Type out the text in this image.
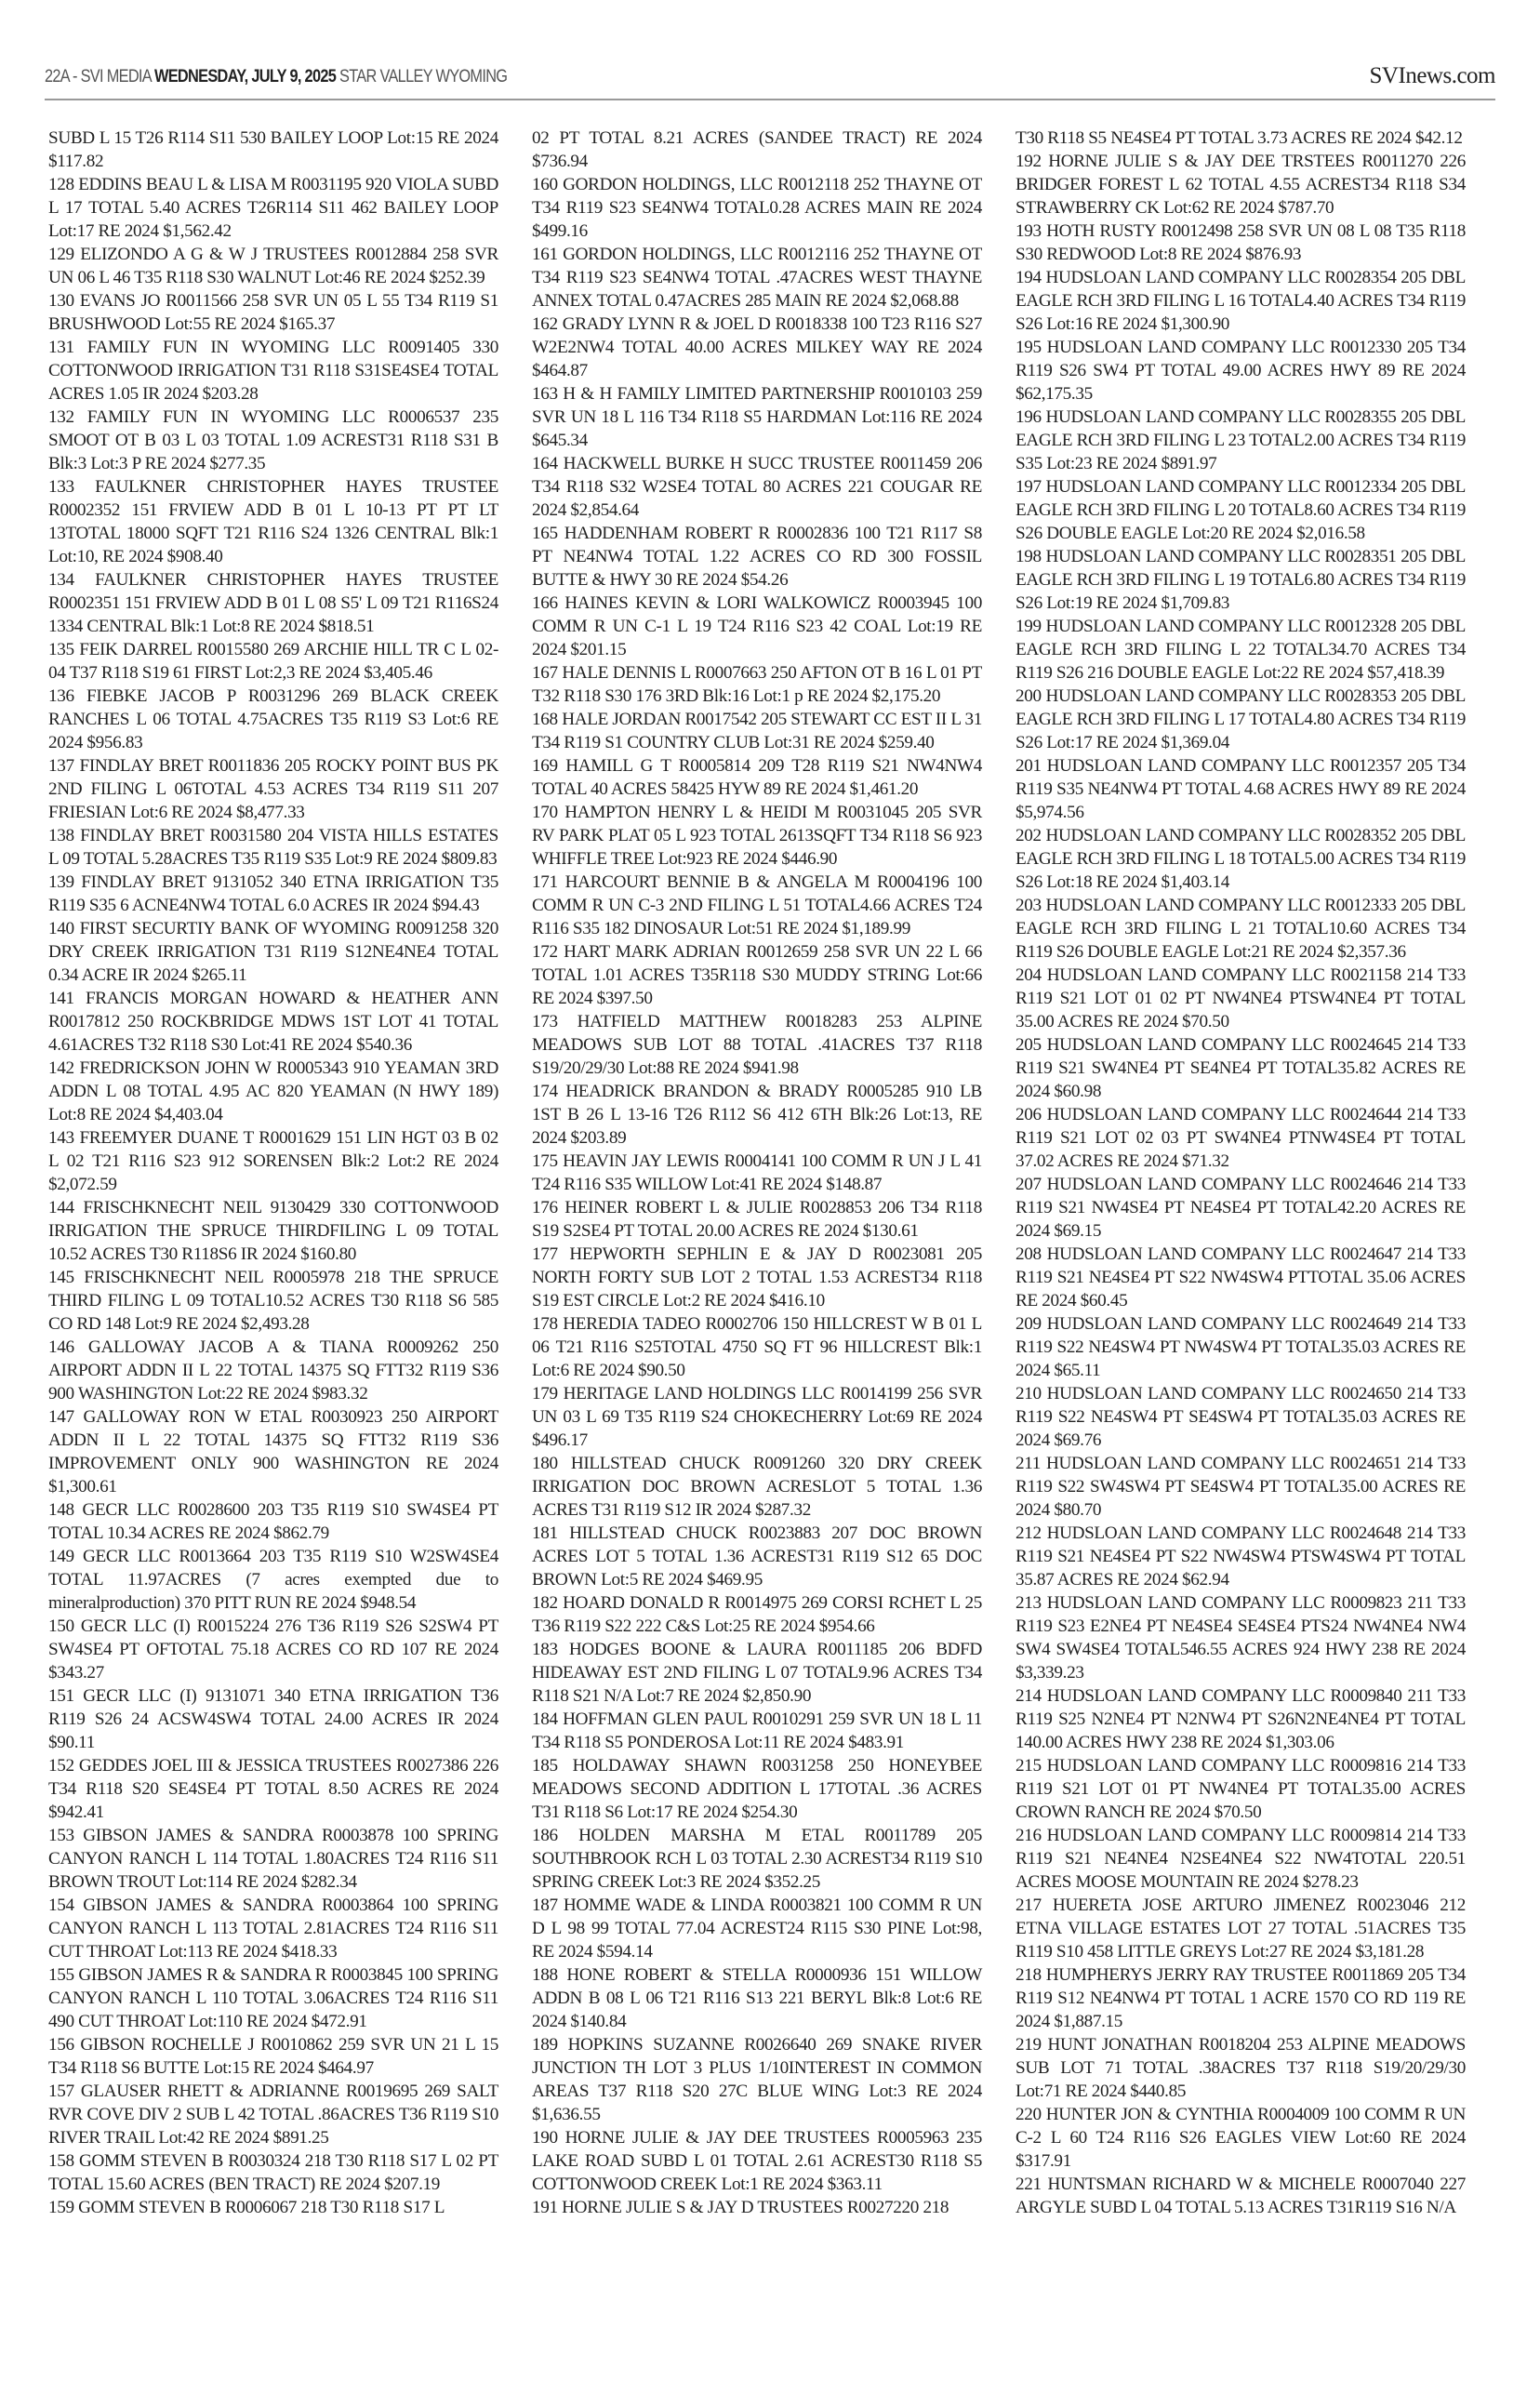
22A - SVI MEDIA WEDNESDAY, JULY 9, 2025 STAR VALLEY WYOMING	SVInews.com

SUBD L 15 T26 R114 S11 530 BAILEY LOOP Lot:15 RE 2024 $117.82

128 EDDINS BEAU L & LISA M R0031195 920 VIOLA SUBD L 17 TOTAL 5.40 ACRES T26R114 S11 462 BAILEY LOOP Lot:17 RE 2024 $1,562.42

129 ELIZONDO A G & W J TRUSTEES R0012884 258 SVR UN 06 L 46 T35 R118 S30 WALNUT Lot:46 RE 2024 $252.39

130 EVANS JO R0011566 258 SVR UN 05 L 55 T34 R119 S1 BRUSHWOOD Lot:55 RE 2024 $165.37

131 FAMILY FUN IN WYOMING LLC R0091405 330 COTTONWOOD IRRIGATION T31 R118 S31SE4SE4 TOTAL ACRES 1.05 IR 2024 $203.28

132 FAMILY FUN IN WYOMING LLC R0006537 235 SMOOT OT B 03 L 03 TOTAL 1.09 ACREST31 R118 S31 B Blk:3 Lot:3 P RE 2024 $277.35

133 FAULKNER CHRISTOPHER HAYES TRUSTEE R0002352 151 FRVIEW ADD B 01 L 10-13 PT PT LT 13TOTAL 18000 SQFT T21 R116 S24 1326 CENTRAL Blk:1 Lot:10, RE 2024 $908.40

134 FAULKNER CHRISTOPHER HAYES TRUSTEE R0002351 151 FRVIEW ADD B 01 L 08 S5' L 09 T21 R116S24 1334 CENTRAL Blk:1 Lot:8 RE 2024 $818.51

135 FEIK DARREL R0015580 269 ARCHIE HILL TR C L 02-04 T37 R118 S19 61 FIRST Lot:2,3 RE 2024 $3,405.46

136 FIEBKE JACOB P R0031296 269 BLACK CREEK RANCHES L 06 TOTAL 4.75ACRES T35 R119 S3 Lot:6 RE 2024 $956.83

137 FINDLAY BRET R0011836 205 ROCKY POINT BUS PK 2ND FILING L 06TOTAL 4.53 ACRES T34 R119 S11 207 FRIESIAN Lot:6 RE 2024 $8,477.33

138 FINDLAY BRET R0031580 204 VISTA HILLS ESTATES L 09 TOTAL 5.28ACRES T35 R119 S35 Lot:9 RE 2024 $809.83

139 FINDLAY BRET 9131052 340 ETNA IRRIGATION T35 R119 S35 6 ACNE4NW4 TOTAL 6.0 ACRES IR 2024 $94.43

140 FIRST SECURTIY BANK OF WYOMING R0091258 320 DRY CREEK IRRIGATION T31 R119 S12NE4NE4 TOTAL 0.34 ACRE IR 2024 $265.11

141 FRANCIS MORGAN HOWARD & HEATHER ANN R0017812 250 ROCKBRIDGE MDWS 1ST LOT 41 TOTAL 4.61ACRES T32 R118 S30 Lot:41 RE 2024 $540.36

142 FREDRICKSON JOHN W R0005343 910 YEAMAN 3RD ADDN L 08 TOTAL 4.95 AC 820 YEAMAN (N HWY 189) Lot:8 RE 2024 $4,403.04

143 FREEMYER DUANE T R0001629 151 LIN HGT 03 B 02 L 02 T21 R116 S23 912 SORENSEN Blk:2 Lot:2 RE 2024 $2,072.59

144 FRISCHKNECHT NEIL 9130429 330 COTTONWOOD IRRIGATION THE SPRUCE THIRDFILING L 09 TOTAL 10.52 ACRES T30 R118S6 IR 2024 $160.80

145 FRISCHKNECHT NEIL R0005978 218 THE SPRUCE THIRD FILING L 09 TOTAL10.52 ACRES T30 R118 S6 585 CO RD 148 Lot:9 RE 2024 $2,493.28

146 GALLOWAY JACOB A & TIANA R0009262 250 AIRPORT ADDN II L 22 TOTAL 14375 SQ FTT32 R119 S36 900 WASHINGTON Lot:22 RE 2024 $983.32

147 GALLOWAY RON W ETAL R0030923 250 AIRPORT ADDN II L 22 TOTAL 14375 SQ FTT32 R119 S36 IMPROVEMENT ONLY 900 WASHINGTON RE 2024 $1,300.61

148 GECR LLC R0028600 203 T35 R119 S10 SW4SE4 PT TOTAL 10.34 ACRES RE 2024 $862.79

149 GECR LLC R0013664 203 T35 R119 S10 W2SW4SE4 TOTAL 11.97ACRES (7 acres exempted due to mineralproduction) 370 PITT RUN RE 2024 $948.54

150 GECR LLC (I) R0015224 276 T36 R119 S26 S2SW4 PT SW4SE4 PT OFTOTAL 75.18 ACRES CO RD 107 RE 2024 $343.27

151 GECR LLC (I) 9131071 340 ETNA IRRIGATION T36 R119 S26 24 ACSW4SW4 TOTAL 24.00 ACRES IR 2024 $90.11

152 GEDDES JOEL III & JESSICA TRUSTEES R0027386 226 T34 R118 S20 SE4SE4 PT TOTAL 8.50 ACRES RE 2024 $942.41

153 GIBSON JAMES & SANDRA R0003878 100 SPRING CANYON RANCH L 114 TOTAL 1.80ACRES T24 R116 S11 BROWN TROUT Lot:114 RE 2024 $282.34

154 GIBSON JAMES & SANDRA R0003864 100 SPRING CANYON RANCH L 113 TOTAL 2.81ACRES T24 R116 S11 CUT THROAT Lot:113 RE 2024 $418.33

155 GIBSON JAMES R & SANDRA R R0003845 100 SPRING CANYON RANCH L 110 TOTAL 3.06ACRES T24 R116 S11 490 CUT THROAT Lot:110 RE 2024 $472.91

156 GIBSON ROCHELLE J R0010862 259 SVR UN 21 L 15 T34 R118 S6 BUTTE Lot:15 RE 2024 $464.97

157 GLAUSER RHETT & ADRIANNE R0019695 269 SALT RVR COVE DIV 2 SUB L 42 TOTAL .86ACRES T36 R119 S10 RIVER TRAIL Lot:42 RE 2024 $891.25

158 GOMM STEVEN B R0030324 218 T30 R118 S17 L 02 PT TOTAL 15.60 ACRES (BEN TRACT) RE 2024 $207.19

159 GOMM STEVEN B R0006067 218 T30 R118 S17 L

02 PT TOTAL 8.21 ACRES (SANDEE TRACT) RE 2024 $736.94

160 GORDON HOLDINGS, LLC R0012118 252 THAYNE OT T34 R119 S23 SE4NW4 TOTAL0.28 ACRES MAIN RE 2024 $499.16

161 GORDON HOLDINGS, LLC R0012116 252 THAYNE OT T34 R119 S23 SE4NW4 TOTAL .47ACRES WEST THAYNE ANNEX TOTAL 0.47ACRES 285 MAIN RE 2024 $2,068.88

162 GRADY LYNN R & JOEL D R0018338 100 T23 R116 S27 W2E2NW4 TOTAL 40.00 ACRES MILKEY WAY RE 2024 $464.87

163 H & H FAMILY LIMITED PARTNERSHIP R0010103 259 SVR UN 18 L 116 T34 R118 S5 HARDMAN Lot:116 RE 2024 $645.34

164 HACKWELL BURKE H SUCC TRUSTEE R0011459 206 T34 R118 S32 W2SE4 TOTAL 80 ACRES 221 COUGAR RE 2024 $2,854.64

165 HADDENHAM ROBERT R R0002836 100 T21 R117 S8 PT NE4NW4 TOTAL 1.22 ACRES CO RD 300 FOSSIL BUTTE & HWY 30 RE 2024 $54.26

166 HAINES KEVIN & LORI WALKOWICZ R0003945 100 COMM R UN C-1 L 19 T24 R116 S23 42 COAL Lot:19 RE 2024 $201.15

167 HALE DENNIS L R0007663 250 AFTON OT B 16 L 01 PT T32 R118 S30 176 3RD Blk:16 Lot:1 p RE 2024 $2,175.20

168 HALE JORDAN R0017542 205 STEWART CC EST II L 31 T34 R119 S1 COUNTRY CLUB Lot:31 RE 2024 $259.40

169 HAMILL G T R0005814 209 T28 R119 S21 NW4NW4 TOTAL 40 ACRES 58425 HYW 89 RE 2024 $1,461.20

170 HAMPTON HENRY L & HEIDI M R0031045 205 SVR RV PARK PLAT 05 L 923 TOTAL 2613SQFT T34 R118 S6 923 WHIFFLE TREE Lot:923 RE 2024 $446.90

171 HARCOURT BENNIE B & ANGELA M R0004196 100 COMM R UN C-3 2ND FILING L 51 TOTAL4.66 ACRES T24 R116 S35 182 DINOSAUR Lot:51 RE 2024 $1,189.99

172 HART MARK ADRIAN R0012659 258 SVR UN 22 L 66 TOTAL 1.01 ACRES T35R118 S30 MUDDY STRING Lot:66 RE 2024 $397.50

173 HATFIELD MATTHEW R0018283 253 ALPINE MEADOWS SUB LOT 88 TOTAL .41ACRES T37 R118 S19/20/29/30 Lot:88 RE 2024 $941.98

174 HEADRICK BRANDON & BRADY R0005285 910 LB 1ST B 26 L 13-16 T26 R112 S6 412 6TH Blk:26 Lot:13, RE 2024 $203.89

175 HEAVIN JAY LEWIS R0004141 100 COMM R UN J L 41 T24 R116 S35 WILLOW Lot:41 RE 2024 $148.87

176 HEINER ROBERT L & JULIE R0028853 206 T34 R118 S19 S2SE4 PT TOTAL 20.00 ACRES RE 2024 $130.61

177 HEPWORTH SEPHLIN E & JAY D R0023081 205 NORTH FORTY SUB LOT 2 TOTAL 1.53 ACREST34 R118 S19 EST CIRCLE Lot:2 RE 2024 $416.10

178 HEREDIA TADEO R0002706 150 HILLCREST W B 01 L 06 T21 R116 S25TOTAL 4750 SQ FT 96 HILLCREST Blk:1 Lot:6 RE 2024 $90.50

179 HERITAGE LAND HOLDINGS LLC R0014199 256 SVR UN 03 L 69 T35 R119 S24 CHOKECHERRY Lot:69 RE 2024 $496.17

180 HILLSTEAD CHUCK R0091260 320 DRY CREEK IRRIGATION DOC BROWN ACRESLOT 5 TOTAL 1.36 ACRES T31 R119 S12 IR 2024 $287.32

181 HILLSTEAD CHUCK R0023883 207 DOC BROWN ACRES LOT 5 TOTAL 1.36 ACREST31 R119 S12 65 DOC BROWN Lot:5 RE 2024 $469.95

182 HOARD DONALD R R0014975 269 CORSI RCHET L 25 T36 R119 S22 222 C&S Lot:25 RE 2024 $954.66

183 HODGES BOONE & LAURA R0011185 206 BDFD HIDEAWAY EST 2ND FILING L 07 TOTAL9.96 ACRES T34 R118 S21 N/A Lot:7 RE 2024 $2,850.90

184 HOFFMAN GLEN PAUL R0010291 259 SVR UN 18 L 11 T34 R118 S5 PONDEROSA Lot:11 RE 2024 $483.91

185 HOLDAWAY SHAWN R0031258 250 HONEYBEE MEADOWS SECOND ADDITION L 17TOTAL .36 ACRES T31 R118 S6 Lot:17 RE 2024 $254.30

186 HOLDEN MARSHA M ETAL R0011789 205 SOUTHBROOK RCH L 03 TOTAL 2.30 ACREST34 R119 S10 SPRING CREEK Lot:3 RE 2024 $352.25

187 HOMME WADE & LINDA R0003821 100 COMM R UN D L 98 99 TOTAL 77.04 ACREST24 R115 S30 PINE Lot:98, RE 2024 $594.14

188 HONE ROBERT & STELLA R0000936 151 WILLOW ADDN B 08 L 06 T21 R116 S13 221 BERYL Blk:8 Lot:6 RE 2024 $140.84

189 HOPKINS SUZANNE R0026640 269 SNAKE RIVER JUNCTION TH LOT 3 PLUS 1/10INTEREST IN COMMON AREAS T37 R118 S20 27C BLUE WING Lot:3 RE 2024 $1,636.55

190 HORNE JULIE & JAY DEE TRUSTEES R0005963 235 LAKE ROAD SUBD L 01 TOTAL 2.61 ACREST30 R118 S5 COTTONWOOD CREEK Lot:1 RE 2024 $363.11

191 HORNE JULIE S & JAY D TRUSTEES R0027220 218

T30 R118 S5 NE4SE4 PT TOTAL 3.73 ACRES RE 2024 $42.12

192 HORNE JULIE S & JAY DEE TRSTEES R0011270 226 BRIDGER FOREST L 62 TOTAL 4.55 ACREST34 R118 S34 STRAWBERRY CK Lot:62 RE 2024 $787.70

193 HOTH RUSTY R0012498 258 SVR UN 08 L 08 T35 R118 S30 REDWOOD Lot:8 RE 2024 $876.93

194 HUDSLOAN LAND COMPANY LLC R0028354 205 DBL EAGLE RCH 3RD FILING L 16 TOTAL4.40 ACRES T34 R119 S26 Lot:16 RE 2024 $1,300.90

195 HUDSLOAN LAND COMPANY LLC R0012330 205 T34 R119 S26 SW4 PT TOTAL 49.00 ACRES HWY 89 RE 2024 $62,175.35

196 HUDSLOAN LAND COMPANY LLC R0028355 205 DBL EAGLE RCH 3RD FILING L 23 TOTAL2.00 ACRES T34 R119 S35 Lot:23 RE 2024 $891.97

197 HUDSLOAN LAND COMPANY LLC R0012334 205 DBL EAGLE RCH 3RD FILING L 20 TOTAL8.60 ACRES T34 R119 S26 DOUBLE EAGLE Lot:20 RE 2024 $2,016.58

198 HUDSLOAN LAND COMPANY LLC R0028351 205 DBL EAGLE RCH 3RD FILING L 19 TOTAL6.80 ACRES T34 R119 S26 Lot:19 RE 2024 $1,709.83

199 HUDSLOAN LAND COMPANY LLC R0012328 205 DBL EAGLE RCH 3RD FILING L 22 TOTAL34.70 ACRES T34 R119 S26 216 DOUBLE EAGLE Lot:22 RE 2024 $57,418.39

200 HUDSLOAN LAND COMPANY LLC R0028353 205 DBL EAGLE RCH 3RD FILING L 17 TOTAL4.80 ACRES T34 R119 S26 Lot:17 RE 2024 $1,369.04

201 HUDSLOAN LAND COMPANY LLC R0012357 205 T34 R119 S35 NE4NW4 PT TOTAL 4.68 ACRES HWY 89 RE 2024 $5,974.56

202 HUDSLOAN LAND COMPANY LLC R0028352 205 DBL EAGLE RCH 3RD FILING L 18 TOTAL5.00 ACRES T34 R119 S26 Lot:18 RE 2024 $1,403.14

203 HUDSLOAN LAND COMPANY LLC R0012333 205 DBL EAGLE RCH 3RD FILING L 21 TOTAL10.60 ACRES T34 R119 S26 DOUBLE EAGLE Lot:21 RE 2024 $2,357.36

204 HUDSLOAN LAND COMPANY LLC R0021158 214 T33 R119 S21 LOT 01 02 PT NW4NE4 PTSW4NE4 PT TOTAL 35.00 ACRES RE 2024 $70.50

205 HUDSLOAN LAND COMPANY LLC R0024645 214 T33 R119 S21 SW4NE4 PT SE4NE4 PT TOTAL35.82 ACRES RE 2024 $60.98

206 HUDSLOAN LAND COMPANY LLC R0024644 214 T33 R119 S21 LOT 02 03 PT SW4NE4 PTNW4SE4 PT TOTAL 37.02 ACRES RE 2024 $71.32

207 HUDSLOAN LAND COMPANY LLC R0024646 214 T33 R119 S21 NW4SE4 PT NE4SE4 PT TOTAL42.20 ACRES RE 2024 $69.15

208 HUDSLOAN LAND COMPANY LLC R0024647 214 T33 R119 S21 NE4SE4 PT S22 NW4SW4 PTTOTAL 35.06 ACRES RE 2024 $60.45

209 HUDSLOAN LAND COMPANY LLC R0024649 214 T33 R119 S22 NE4SW4 PT NW4SW4 PT TOTAL35.03 ACRES RE 2024 $65.11

210 HUDSLOAN LAND COMPANY LLC R0024650 214 T33 R119 S22 NE4SW4 PT SE4SW4 PT TOTAL35.03 ACRES RE 2024 $69.76

211 HUDSLOAN LAND COMPANY LLC R0024651 214 T33 R119 S22 SW4SW4 PT SE4SW4 PT TOTAL35.00 ACRES RE 2024 $80.70

212 HUDSLOAN LAND COMPANY LLC R0024648 214 T33 R119 S21 NE4SE4 PT S22 NW4SW4 PTSW4SW4 PT TOTAL 35.87 ACRES RE 2024 $62.94

213 HUDSLOAN LAND COMPANY LLC R0009823 211 T33 R119 S23 E2NE4 PT NE4SE4 SE4SE4 PTS24 NW4NE4 NW4 SW4 SW4SE4 TOTAL546.55 ACRES 924 HWY 238 RE 2024 $3,339.23

214 HUDSLOAN LAND COMPANY LLC R0009840 211 T33 R119 S25 N2NE4 PT N2NW4 PT S26N2NE4NE4 PT TOTAL 140.00 ACRES HWY 238 RE 2024 $1,303.06

215 HUDSLOAN LAND COMPANY LLC R0009816 214 T33 R119 S21 LOT 01 PT NW4NE4 PT TOTAL35.00 ACRES CROWN RANCH RE 2024 $70.50

216 HUDSLOAN LAND COMPANY LLC R0009814 214 T33 R119 S21 NE4NE4 N2SE4NE4 S22 NW4TOTAL 220.51 ACRES MOOSE MOUNTAIN RE 2024 $278.23

217 HUERETA JOSE ARTURO JIMENEZ R0023046 212 ETNA VILLAGE ESTATES LOT 27 TOTAL .51ACRES T35 R119 S10 458 LITTLE GREYS Lot:27 RE 2024 $3,181.28

218 HUMPHERYS JERRY RAY TRUSTEE R0011869 205 T34 R119 S12 NE4NW4 PT TOTAL 1 ACRE 1570 CO RD 119 RE 2024 $1,887.15

219 HUNT JONATHAN R0018204 253 ALPINE MEADOWS SUB LOT 71 TOTAL .38ACRES T37 R118 S19/20/29/30 Lot:71 RE 2024 $440.85

220 HUNTER JON & CYNTHIA R0004009 100 COMM R UN C-2 L 60 T24 R116 S26 EAGLES VIEW Lot:60 RE 2024 $317.91

221 HUNTSMAN RICHARD W & MICHELE R0007040 227 ARGYLE SUBD L 04 TOTAL 5.13 ACRES T31R119 S16 N/A
